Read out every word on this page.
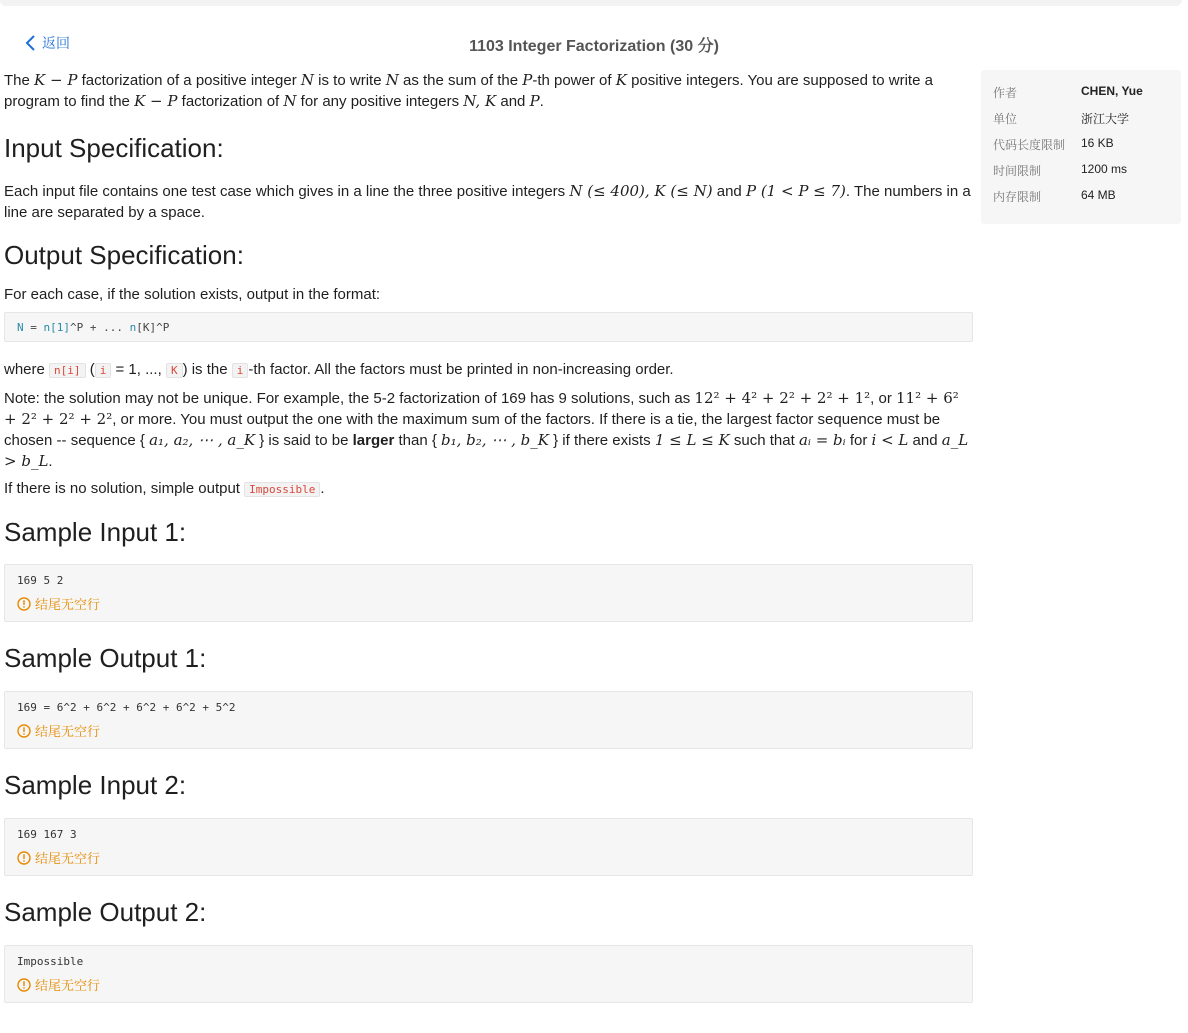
返回	1103 Integer Factorization (30 分)

The K − P factorization of a positive integer N is to write N as the sum of the P-th power of K positive integers. You are supposed to write a program to find the K − P factorization of N for any positive integers N, K and P.

Input Specification:

Each input file contains one test case which gives in a line the three positive integers N (≤ 400), K (≤ N) and P (1 < P ≤ 7). The numbers in a line are separated by a space.

Output Specification:

For each case, if the solution exists, output in the format:

N = n[1]^P + ... n[K]^P

where n[i] ( i = 1, ..., K ) is the i -th factor. All the factors must be printed in non-increasing order.

Note: the solution may not be unique. For example, the 5-2 factorization of 169 has 9 solutions, such as 12² + 4² + 2² + 2² + 1², or 11² + 6² + 2² + 2² + 2², or more. You must output the one with the maximum sum of the factors. If there is a tie, the largest factor sequence must be chosen -- sequence { a₁, a₂, ⋯ , a_K } is said to be larger than { b₁, b₂, ⋯ , b_K } if there exists 1 ≤ L ≤ K such that aᵢ = bᵢ for i < L and a_L > b_L.

If there is no solution, simple output Impossible .

Sample Input 1:
169 5 2
结尾无空行
Sample Output 1:
169 = 6^2 + 6^2 + 6^2 + 6^2 + 5^2
结尾无空行
Sample Input 2:
169 167 3
结尾无空行
Sample Output 2:
Impossible
结尾无空行
作者	CHEN, Yue
单位	浙江大学
代码长度限制 16 KB
时间限制	1200 ms
内存限制	64 MB
